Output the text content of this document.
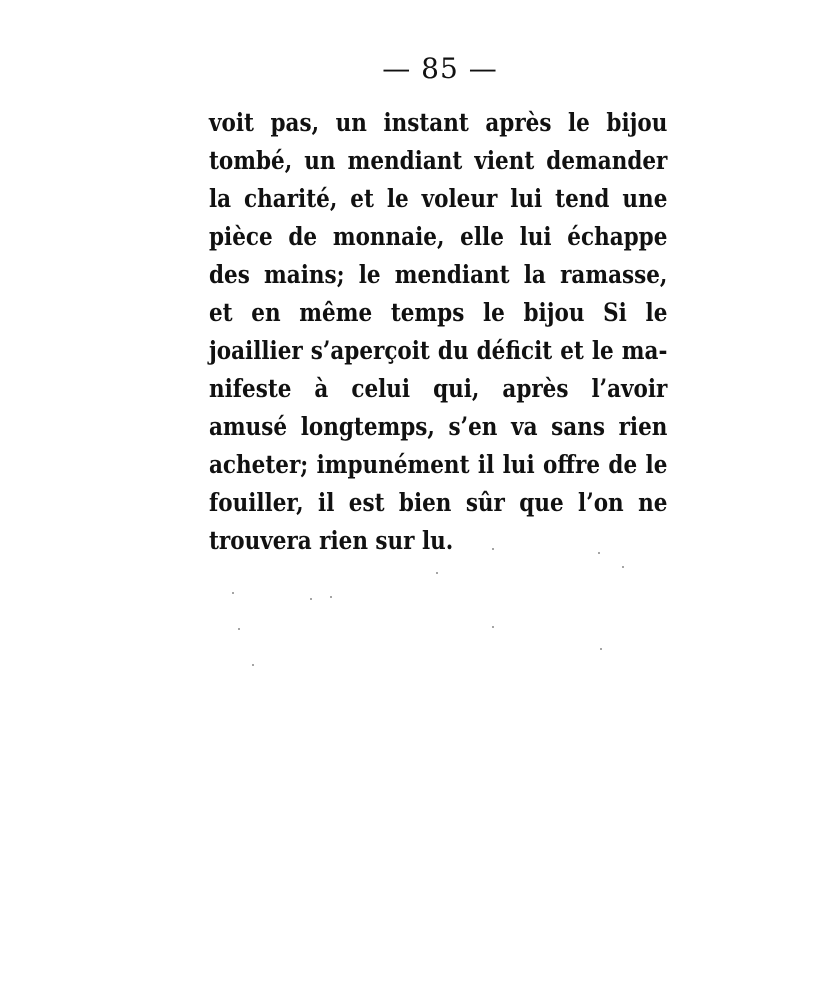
— 85 —
voit pas, un instant après le bijou
tombé, un mendiant vient demander
la charité, et le voleur lui tend une
pièce de monnaie, elle lui échappe
des mains; le mendiant la ramasse,
et en même temps le bijou Si le
joaillier s’aperçoit du déficit et le ma-
nifeste à celui qui, après l’avoir
amusé longtemps, s’en va sans rien
acheter; impunément il lui offre de le
fouiller, il est bien sûr que l’on ne
trouvera rien sur lu.
